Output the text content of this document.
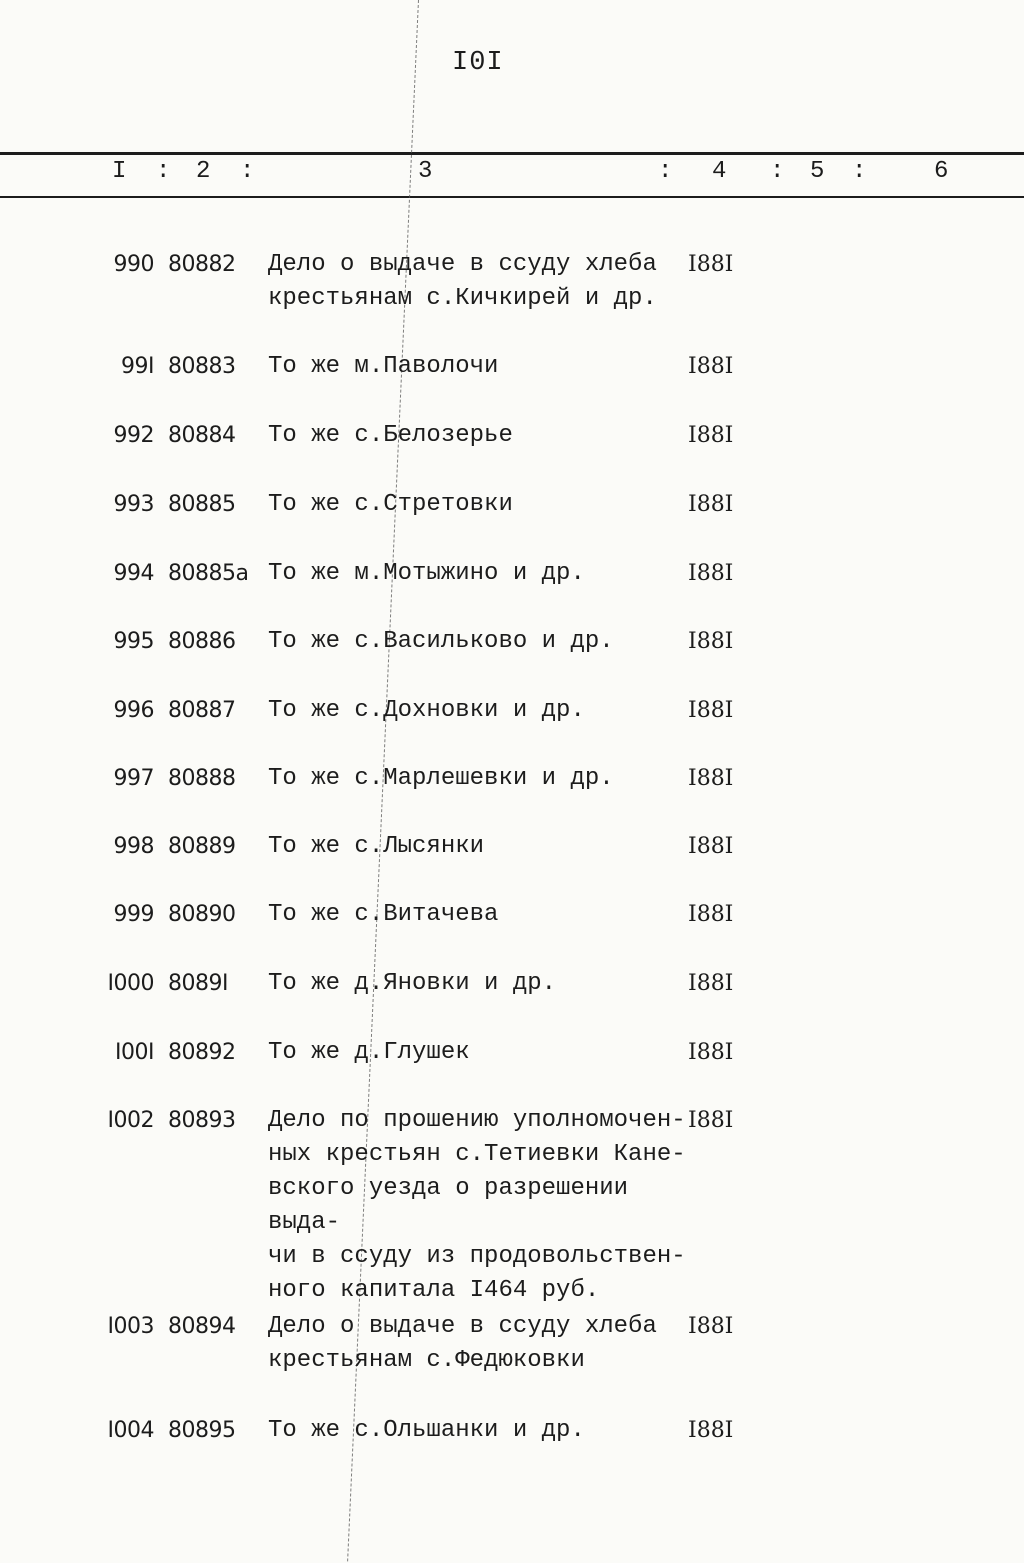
I0I
I : 2 :	3	: 4 : 5 :	6
990 80882 Дело о выдаче в ссуду хлеба
крестьянам с.Кичкирей и др.
I88I
99I 80883 То же м.Паволочи	I88I
992 80884 То же с.Белозерье	I88I
993 80885 То же с.Стретовки	I88I
994 80885а То же м.Мотыжино и др.	I88I
995 80886 То же с.Васильково и др.	I88I
996 80887 То же с.Дохновки и др.	I88I
997 80888 То же с.Марлешевки и др.	I88I
998 80889 То же с.Лысянки	I88I
999 80890 То же с.Витачева	I88I
I000 8089I То же д.Яновки и др.	I88I
I00I 80892 То же д.Глушек	I88I
I002 80893 Дело по прошению уполномочен-
ных крестьян с.Тетиевки Кане-
вского уезда о разрешении выда-
чи в ссуду из продовольствен-
ного капитала I464 руб.
I88I
I003 80894 Дело о выдаче в ссуду хлеба
крестьянам с.Федюковки
I88I
I004 80895 То же с.Ольшанки и др.	I88I
